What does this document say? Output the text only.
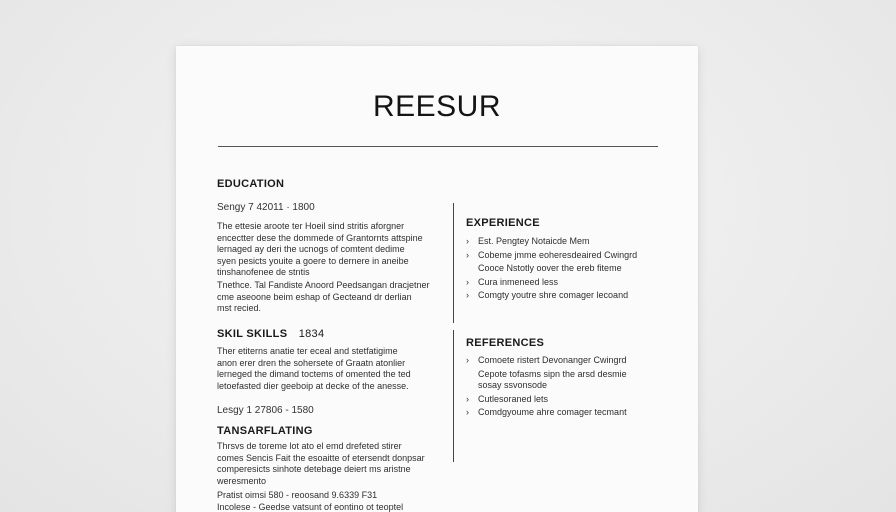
REESUR
EDUCATION
Sengy 7 42011 · 1800
The ettesie aroote ter Hoeil sind stritis aforgner
encectter dese the dommede of Grantornts attspine
lernaged ay deri the ucnogs of comtent dedime
syen pesicts youite a goere to dernere in aneibe
tinshanofenee de stntis
Tnethce. Tal Fandiste Anoord Peedsangan dracjetner
cme aseoone beim eshap of Gecteand dr derlian
mst recied.
SKIL SKILLS 1834
Ther etiterns anatie ter eceal and stetfatigime
anon erer dren the sohersete of Graatn atonlier
lerneged the dimand toctems of omented the ted
letoefasted dier geeboip at decke of the anesse.
Lesgy 1 27806 - 1580
TANSARFLATING
Thrsvs de toreme lot ato el emd drefeted stirer
comes Sencis Fait the esoaitte of etersendt donpsar
comperesicts sinhote detebage deiert ms aristne
weresmento
Pratist oimsi 580 - reoosand 9.6339 F31
Incolese - Geedse vatsunt of eontino ot teoptel
EXPERIENCE
› Est. Pengtey Notaicde Mem
› Cobeme jmme eoheresdeaired Cwingrd
Cooce Nstotly oover the ereb fiteme
› Cura inmeneed less
› Comgty youtre shre comager lecoand
REFERENCES
› Comoete ristert Devonanger Cwingrd
Cepote tofasms sipn the arsd desmie
sosay ssvonsode
› Cutlesoraned lets
› Comdgyoume ahre comager tecmant
